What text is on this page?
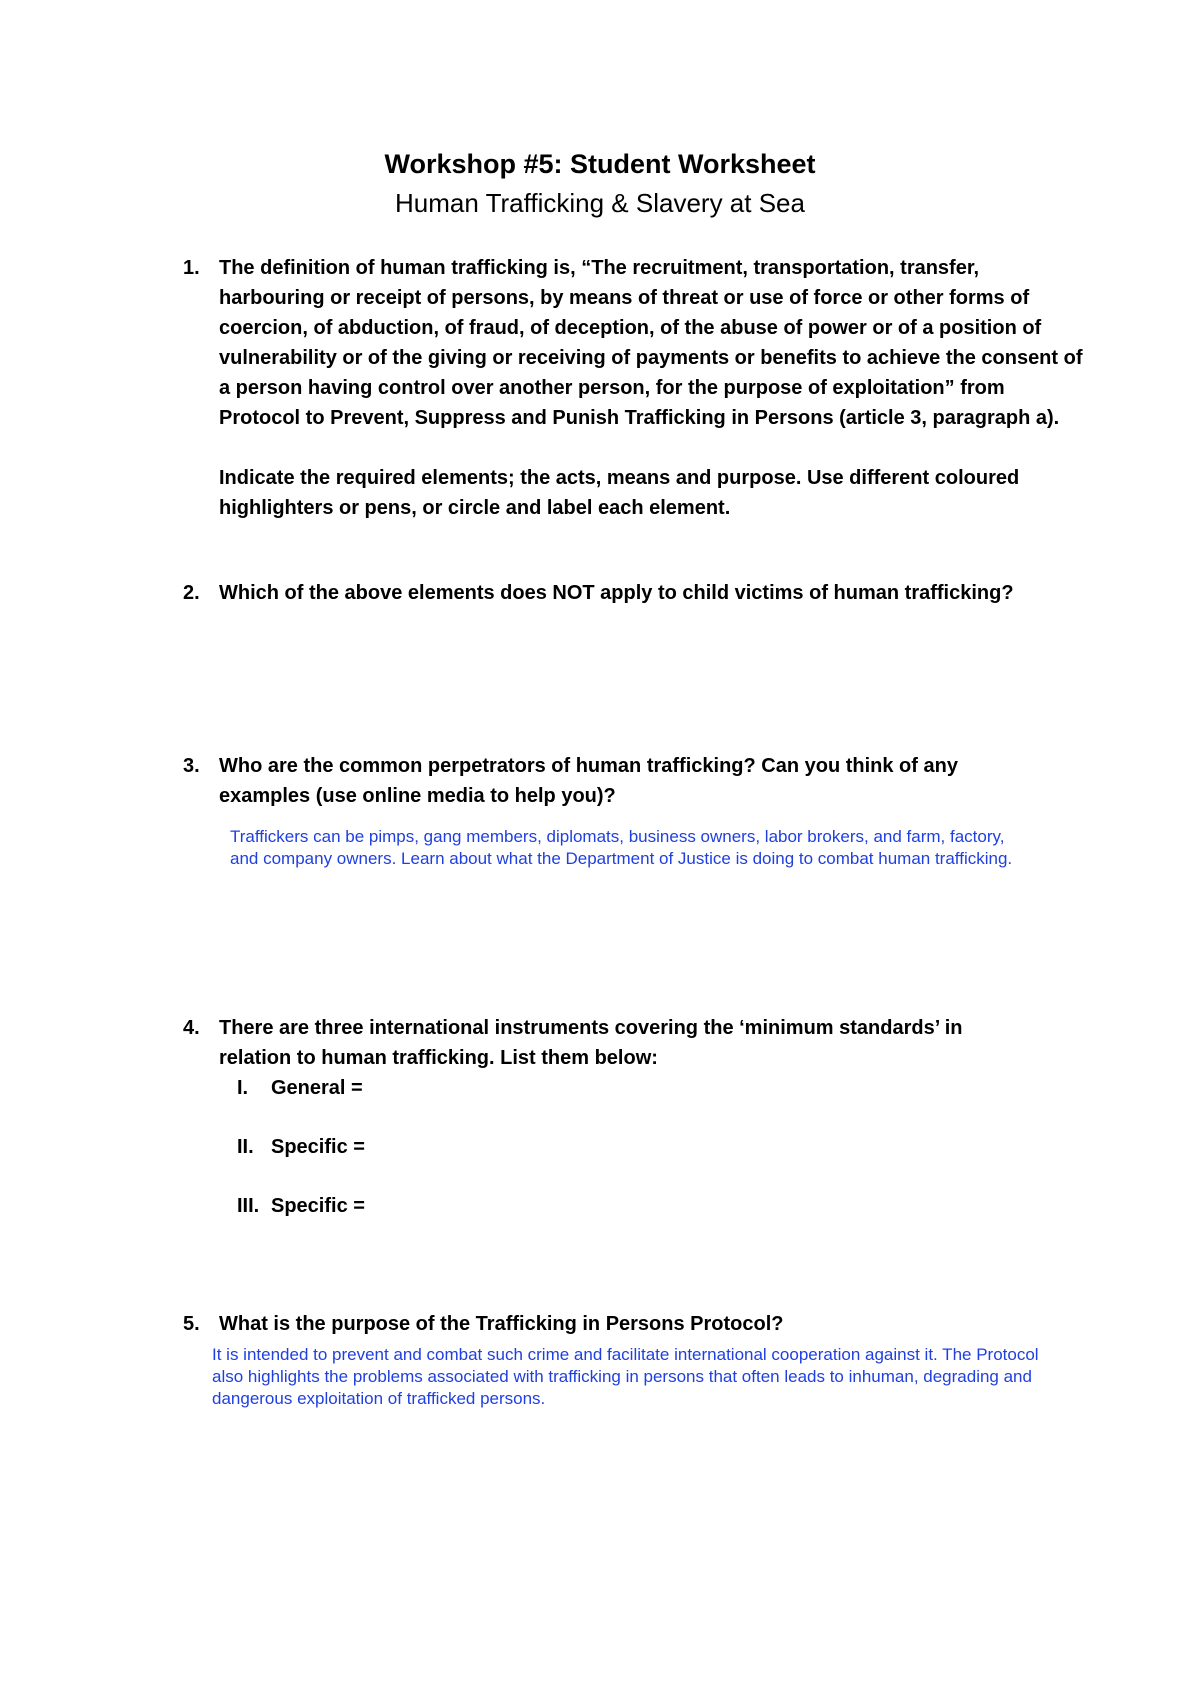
Workshop #5: Student Worksheet
Human Trafficking & Slavery at Sea
1. The definition of human trafficking is, “The recruitment, transportation, transfer, harbouring or receipt of persons, by means of threat or use of force or other forms of coercion, of abduction, of fraud, of deception, of the abuse of power or of a position of vulnerability or of the giving or receiving of payments or benefits to achieve the consent of a person having control over another person, for the purpose of exploitation” from Protocol to Prevent, Suppress and Punish Trafficking in Persons (article 3, paragraph a).

Indicate the required elements; the acts, means and purpose. Use different coloured highlighters or pens, or circle and label each element.

2. Which of the above elements does NOT apply to child victims of human trafficking?

3. Who are the common perpetrators of human trafficking? Can you think of any examples (use online media to help you)?

Traffickers can be pimps, gang members, diplomats, business owners, labor brokers, and farm, factory, and company owners. Learn about what the Department of Justice is doing to combat human trafficking.
4. There are three international instruments covering the ‘minimum standards’ in relation to human trafficking. List them below:

I. General =
II. Specific =
III. Specific =
5. What is the purpose of the Trafficking in Persons Protocol?

It is intended to prevent and combat such crime and facilitate international cooperation against it. The Protocol also highlights the problems associated with trafficking in persons that often leads to inhuman, degrading and dangerous exploitation of trafficked persons.
